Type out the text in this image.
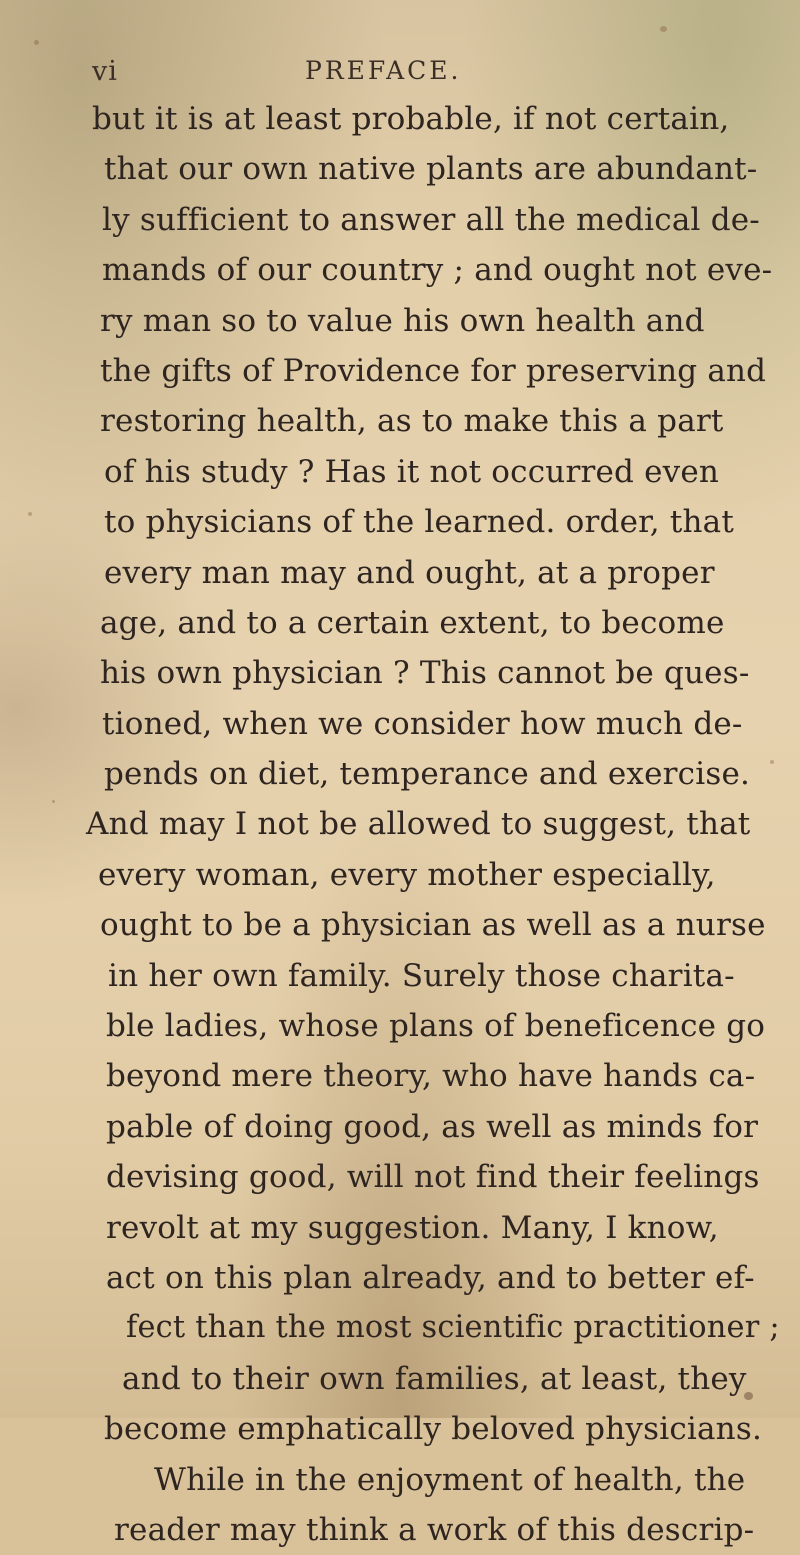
vi	PREFACE.
but it is at least probable, if not certain,
that our own native plants are abundant-
ly sufficient to answer all the medical de-
mands of our country ; and ought not eve-
ry man so to value his own health and
the gifts of Providence for preserving and
restoring health, as to make this a part
of his study ? Has it not occurred even
to physicians of the learned. order, that
every man may and ought, at a proper
age, and to a certain extent, to become
his own physician ? This cannot be ques-
tioned, when we consider how much de-
pends on diet, temperance and exercise.
And may I not be allowed to suggest, that
every woman, every mother especially,
ought to be a physician as well as a nurse
in her own family. Surely those charita-
ble ladies, whose plans of beneficence go
beyond mere theory, who have hands ca-
pable of doing good, as well as minds for
devising good, will not find their feelings
revolt at my suggestion. Many, I know,
act on this plan already, and to better ef-
fect than the most scientific practitioner ;
and to their own families, at least, they
become emphatically beloved physicians.
While in the enjoyment of health, the
reader may think a work of this descrip-
